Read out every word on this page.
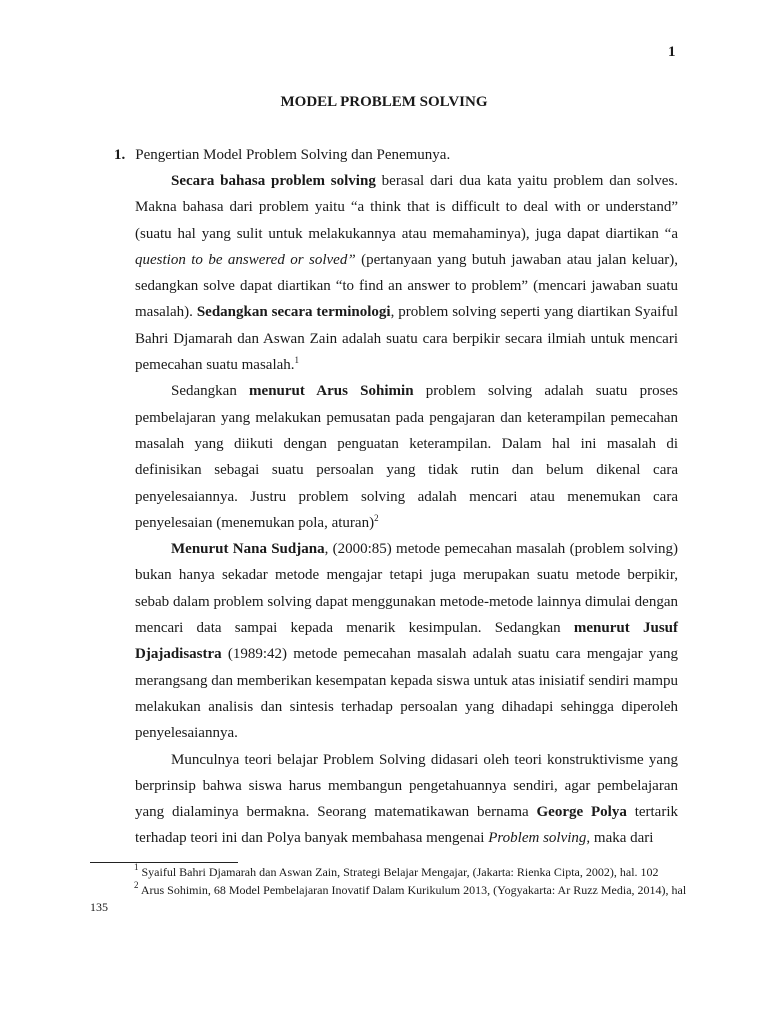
1
MODEL PROBLEM SOLVING
1. Pengertian Model Problem Solving dan Penemunya.

Secara bahasa problem solving berasal dari dua kata yaitu problem dan solves. Makna bahasa dari problem yaitu “a think that is difficult to deal with or understand” (suatu hal yang sulit untuk melakukannya atau memahaminya), juga dapat diartikan “a question to be answered or solved” (pertanyaan yang butuh jawaban atau jalan keluar), sedangkan solve dapat diartikan “to find an answer to problem” (mencari jawaban suatu masalah). Sedangkan secara terminologi, problem solving seperti yang diartikan Syaiful Bahri Djamarah dan Aswan Zain adalah suatu cara berpikir secara ilmiah untuk mencari pemecahan suatu masalah.$^1$

Sedangkan menurut Arus Sohimin problem solving adalah suatu proses pembelajaran yang melakukan pemusatan pada pengajaran dan keterampilan pemecahan masalah yang diikuti dengan penguatan keterampilan. Dalam hal ini masalah di definisikan sebagai suatu persoalan yang tidak rutin dan belum dikenal cara penyelesaiannya. Justru problem solving adalah mencari atau menemukan cara penyelesaian (menemukan pola, aturan)$^2$

Menurut Nana Sudjana, (2000:85) metode pemecahan masalah (problem solving) bukan hanya sekadar metode mengajar tetapi juga merupakan suatu metode berpikir, sebab dalam problem solving dapat menggunakan metode-metode lainnya dimulai dengan mencari data sampai kepada menarik kesimpulan. Sedangkan menurut Jusuf Djajadisastra (1989:42) metode pemecahan masalah adalah suatu cara mengajar yang merangsang dan memberikan kesempatan kepada siswa untuk atas inisiatif sendiri mampu melakukan analisis dan sintesis terhadap persoalan yang dihadapi sehingga diperoleh penyelesaiannya.

Munculnya teori belajar Problem Solving didasari oleh teori konstruktivisme yang berprinsip bahwa siswa harus membangun pengetahuannya sendiri, agar pembelajaran yang dialaminya bermakna. Seorang matematikawan bernama George Polya tertarik terhadap teori ini dan Polya banyak membahasa mengenai Problem solving, maka dari

$^1$ Syaiful Bahri Djamarah dan Aswan Zain, Strategi Belajar Mengajar, (Jakarta: Rienka Cipta, 2002), hal. 102

$^2$ Arus Sohimin, 68 Model Pembelajaran Inovatif Dalam Kurikulum 2013, (Yogyakarta: Ar Ruzz Media, 2014), hal 135
